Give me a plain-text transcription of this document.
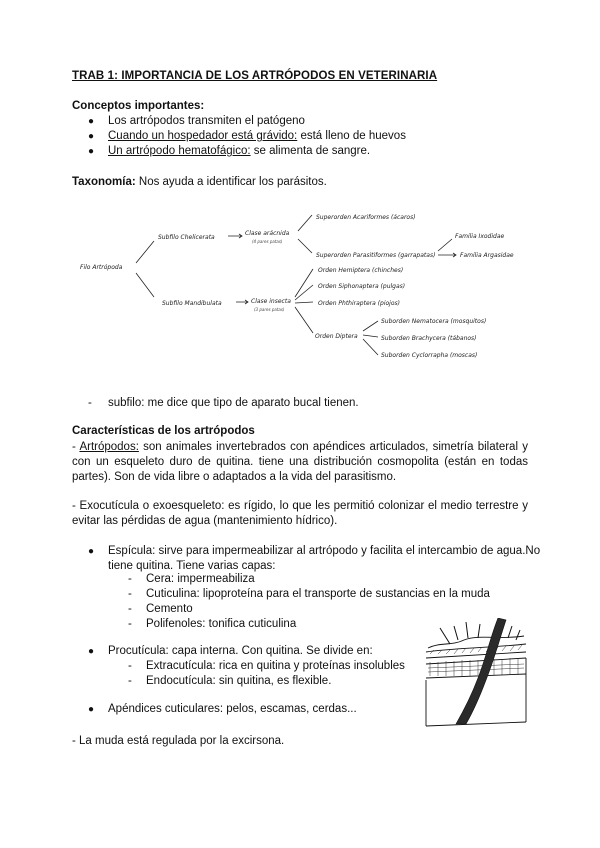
TRAB 1: IMPORTANCIA DE LOS ARTRÓPODOS EN VETERINARIA
Conceptos importantes:
● Los artrópodos transmiten el patógeno
● Cuando un hospedador está grávido: está lleno de huevos
● Un artrópodo hematofágico: se alimenta de sangre.
Taxonomía: Nos ayuda a identificar los parásitos.
Filo Artrópoda
Subfilo Chelicerata
Clase arácnida
(4 pares patas)
Superorden Acariformes (ácaros)
Superorden Parasitiformes (garrapatas)
Familia Ixodidae
Familia Argasidae
Subfilo Mandibulata	Clase insecta
(3 pares patas)
Orden Hemiptera (chinches)
Orden Siphonaptera (pulgas)
Orden Phthiraptera (piojos)
Orden Diptera
Suborden Nematocera (mosquitos)
Suborden Brachycera (tábanos)
Suborden Cyclorrapha (moscas)
- subfilo: me dice que tipo de aparato bucal tienen.
Características de los artrópodos
- Artrópodos: son animales invertebrados con apéndices articulados, simetría bilateral y con un esqueleto duro de quitina. tiene una distribución cosmopolita (están en todas partes). Son de vida libre o adaptados a la vida del parasitismo.
- Exocutícula o exoesqueleto: es rígido, lo que les permitió colonizar el medio terrestre y evitar las pérdidas de agua (mantenimiento hídrico).
● Espícula: sirve para impermeabilizar al artrópodo y facilita el intercambio de agua.No
tiene quitina. Tiene varias capas:
- Cera: impermeabiliza
- Cuticulina: lipoproteína para el transporte de sustancias en la muda
- Cemento
- Polifenoles: tonifica cuticulina
● Procutícula: capa interna. Con quitina. Se divide en:
- Extracutícula: rica en quitina y proteínas insolubles
- Endocutícula: sin quitina, es flexible.
● Apéndices cuticulares: pelos, escamas, cerdas...
- La muda está regulada por la excirsona.
